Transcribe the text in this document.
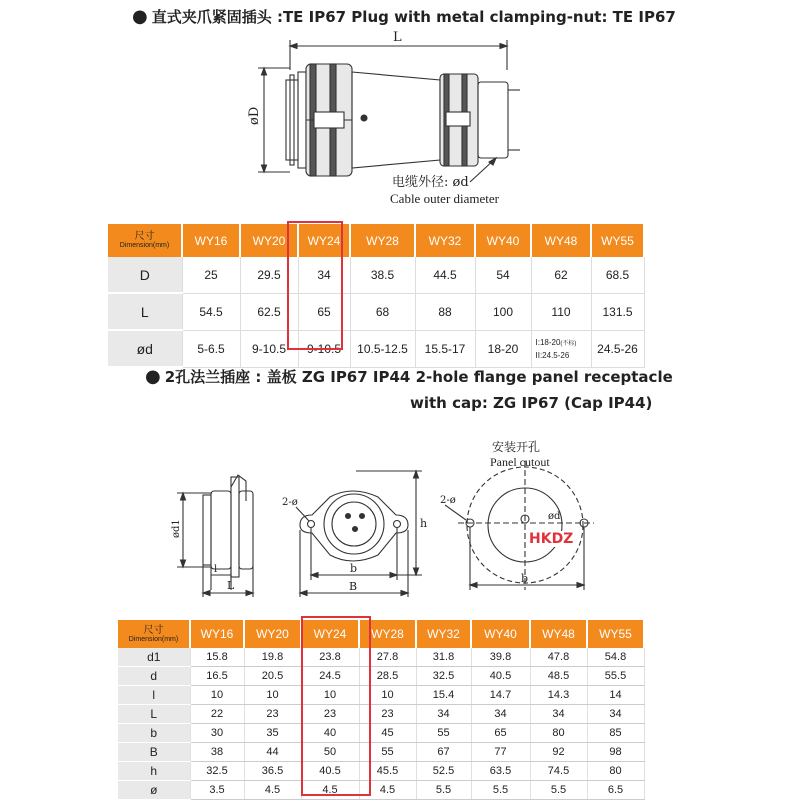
● 直式夹爪紧固插头 :TE IP67 Plug with metal clamping-nut: TE IP67
L
øD
电缆外径: ød
Cable outer diameter
尺寸
Dimension(mm)	WY16	WY20	WY24	WY28	WY32	WY40	WY48	WY55
D	25	29.5	34	38.5	44.5	54	62	68.5
L	54.5	62.5	65	68	88	100	110	131.5
ød	5-6.5	9-10.5	9-10.5	10.5-12.5	15.5-17	18-20	I:18-20(不标)
II:24.5-26	24.5-26
● 2孔法兰插座 : 盖板 ZG IP67 IP44 2-hole flange panel receptacle
with cap: ZG IP67 (Cap IP44)
ød1
l
L
2-ø
h
b
B
安装开孔
Panel cutout
2-ø
ød
b
HKDZ
尺寸
Dimension(mm)	WY16	WY20	WY24	WY28	WY32	WY40	WY48	WY55
d1	15.8	19.8	23.8	27.8	31.8	39.8	47.8	54.8
d	16.5	20.5	24.5	28.5	32.5	40.5	48.5	55.5
l	10	10	10	10	15.4	14.7	14.3	14
L	22	23	23	23	34	34	34	34
b	30	35	40	45	55	65	80	85
B	38	44	50	55	67	77	92	98
h	32.5	36.5	40.5	45.5	52.5	63.5	74.5	80
ø	3.5	4.5	4.5	4.5	5.5	5.5	5.5	6.5
